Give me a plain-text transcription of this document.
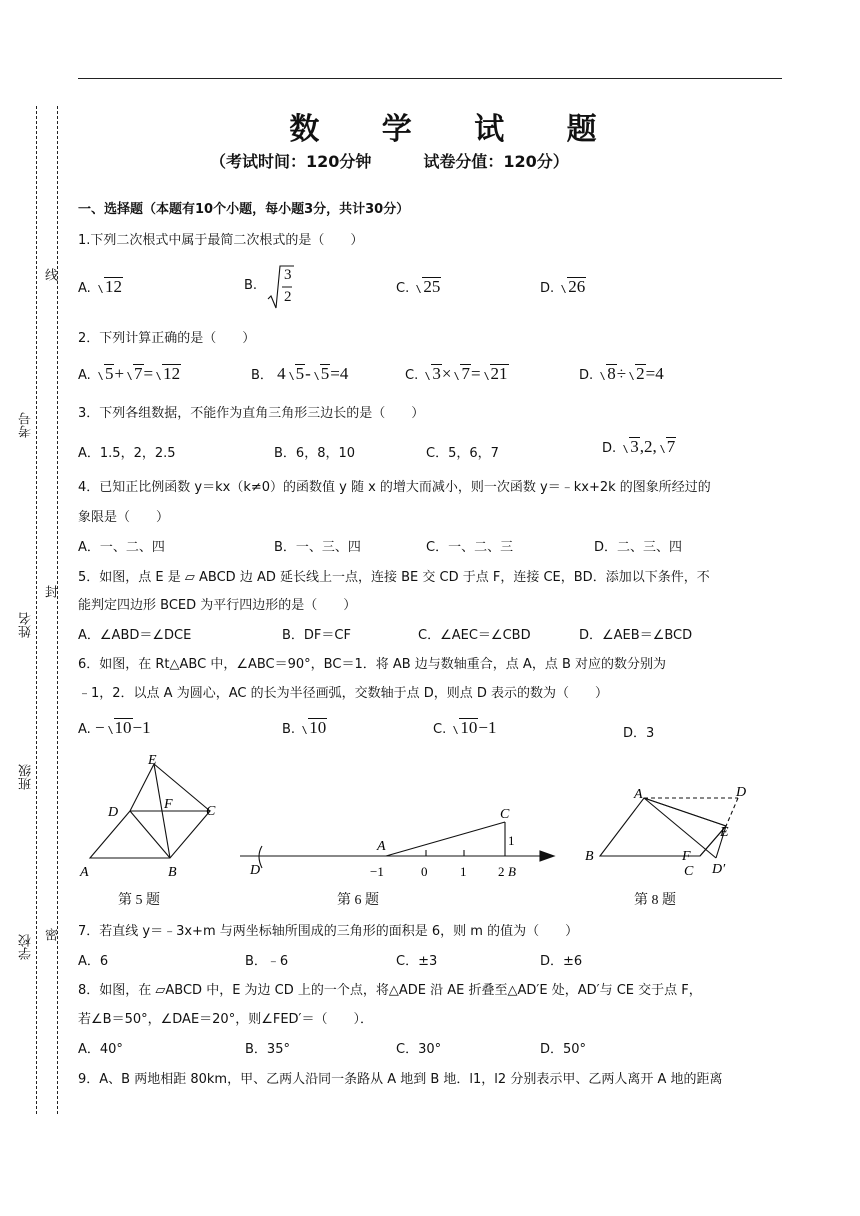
线
封
密
考号
姓名
班级
学校
数 学 试 题
（考试时间：120分钟	试卷分值：120分）
一、选择题（本题有10个小题，每小题3分，共计30分）
1.下列二次根式中属于最简二次根式的是（　　）
A. 12	B.
3
2
C. 25	D. 26
2．下列计算正确的是（　　）
A. 5+ 7= 12	B． 4 5- 5=4	C. 3× 7= 21	D. 8÷ 2=4
3．下列各组数据，不能作为直角三角形三边长的是（　　）
A．1.5，2，2.5	B．6，8，10	C．5，6，7	D. 3,2, 7
4．已知正比例函数 y＝kx（k≠0）的函数值 y 随 x 的增大而减小，则一次函数 y＝﹣kx+2k 的图象所经过的
象限是（　　）
A．一、二、四	B．一、三、四	C．一、二、三	D．二、三、四
5．如图，点 E 是 ▱ ABCD 边 AD 延长线上一点，连接 BE 交 CD 于点 F，连接 CE，BD．添加以下条件，不
能判定四边形 BCED 为平行四边形的是（　　）
A．∠ABD＝∠DCE	B．DF＝CF	C．∠AEC＝∠CBD	D．∠AEB＝∠BCD
6．如图，在 Rt△ABC 中，∠ABC＝90°，BC＝1．将 AB 边与数轴重合，点 A，点 B 对应的数分别为
﹣1，2．以点 A 为圆心，AC 的长为半径画弧，交数轴于点 D，则点 D 表示的数为（　　）
A. − 10−1	B. 10	C. 10−1	D．3
E
D	C
F
A	B
第 5 题
A
C
1
D	−1	0	1 2 B
第 6 题
A	D
E
B	F
C D′
第 8 题
7．若直线 y＝﹣3x+m 与两坐标轴所围成的三角形的面积是 6，则 m 的值为（　　）
A．6	B．﹣6	C．±3	D．±6
8．如图，在 ▱ABCD 中，E 为边 CD 上的一个点，将△ADE 沿 AE 折叠至△AD′E 处，AD′与 CE 交于点 F，
若∠B＝50°，∠DAE＝20°，则∠FED′＝（　　）．
A．40°	B．35°	C．30°	D．50°
9．A、B 两地相距 80km，甲、乙两人沿同一条路从 A 地到 B 地．l1，l2 分别表示甲、乙两人离开 A 地的距离
